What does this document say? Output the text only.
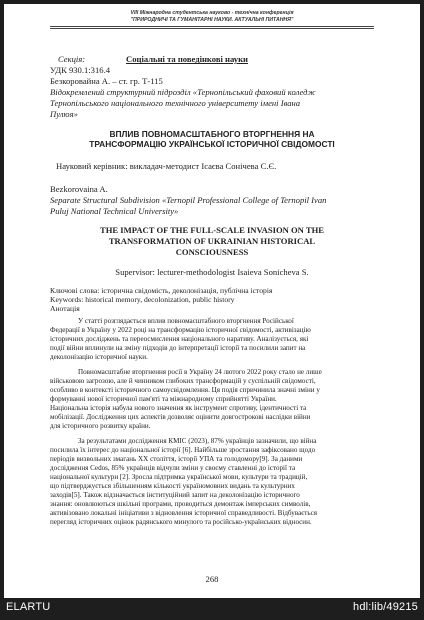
VIII Міжнародна студентська науково - технічна конференція
"ПРИРОДНИЧІ ТА ГУМАНІТАРНІ НАУКИ. АКТУАЛЬНІ ПИТАННЯ"
Секція:	Соціальні та поведінкові науки
УДК 930.1:316.4
Безкоровайна А. – ст. гр. Т-115
Відокремлений структурний підрозділ «Тернопільський фаховий коледж
Тернопільського національного технічного університету імені Івана
Пулюя»
ВПЛИВ ПОВНОМАСШТАБНОГО ВТОРГНЕННЯ НА
ТРАНСФОРМАЦІЮ УКРАЇНСЬКОЇ ІСТОРИЧНОЇ СВІДОМОСТІ
Науковий керівник: викладач-методист Ісаєва Сонічева С.Є.
Bezkorovaina A.
Separate Structural Subdivision «Ternopil Professional College of Ternopil Ivan
Puluj National Technical University»
THE IMPACT OF THE FULL-SCALE INVASION ON THE
TRANSFORMATION OF UKRAINIAN HISTORICAL
CONSCIOUSNESS
Supervisor: lecturer-methodologist Isaieva Sonicheva S.
Ключові слова: історична свідомість, деколонізація, публічна історія
Keywords: historical memory, decolonization, public history
Анотація
У статті розглядається вплив повномасштабного вторгнення Російської
Федерації в Україну у 2022 році на трансформацію історичної свідомості, активізацію
історичних досліджень та переосмислення національного наративу. Аналізується, які
події війни вплинули на зміну підходів до інтерпретації історії та посилили запит на
деколонізацію історичної науки.
Повномасштабне вторгнення росії в Україну 24 лютого 2022 року стало не лише
військовою загрозою, але й чинником глибоких трансформацій у суспільній свідомості,
особливо в контексті історичного самоусвідомлення. Ця подія спричинила значні зміни у
формуванні нової історичної пам'яті та міжнародному сприйнятті України.
Національна історія набула нового значення як інструмент спротиву, ідентичності та
мобілізації. Дослідження цих аспектів дозволяє оцінити довгострокові наслідки війни
для історичного розвитку країни.
За результатами дослідження КМІС (2023), 87% українців зазначили, що війна
посилила їх інтерес до національної історії [6]. Найбільше зростання зафіксовано щодо
періодів визвольних змагань XX століття, історії УПА та голодомору[9]. За даними
дослідження Cedos, 85% українців відчули зміни у своєму ставленні до історії та
національної культури [2]. Зросла підтримка української мови, культури та традицій,
що підтверджується збільшенням кількості україномовних видань та культурних
заходів[5]. Також відзначається інституційний запит на деколонізацію історичного
знання: оновлюються шкільні програми, проводиться демонтаж імперських символів,
активізовано локальні ініціативи з відновлення історичної справедливості. Відбувається
перегляд історичних оцінок радянського минулого та російсько-українських відносин.
268
ELARTU	hdl:lib/49215
